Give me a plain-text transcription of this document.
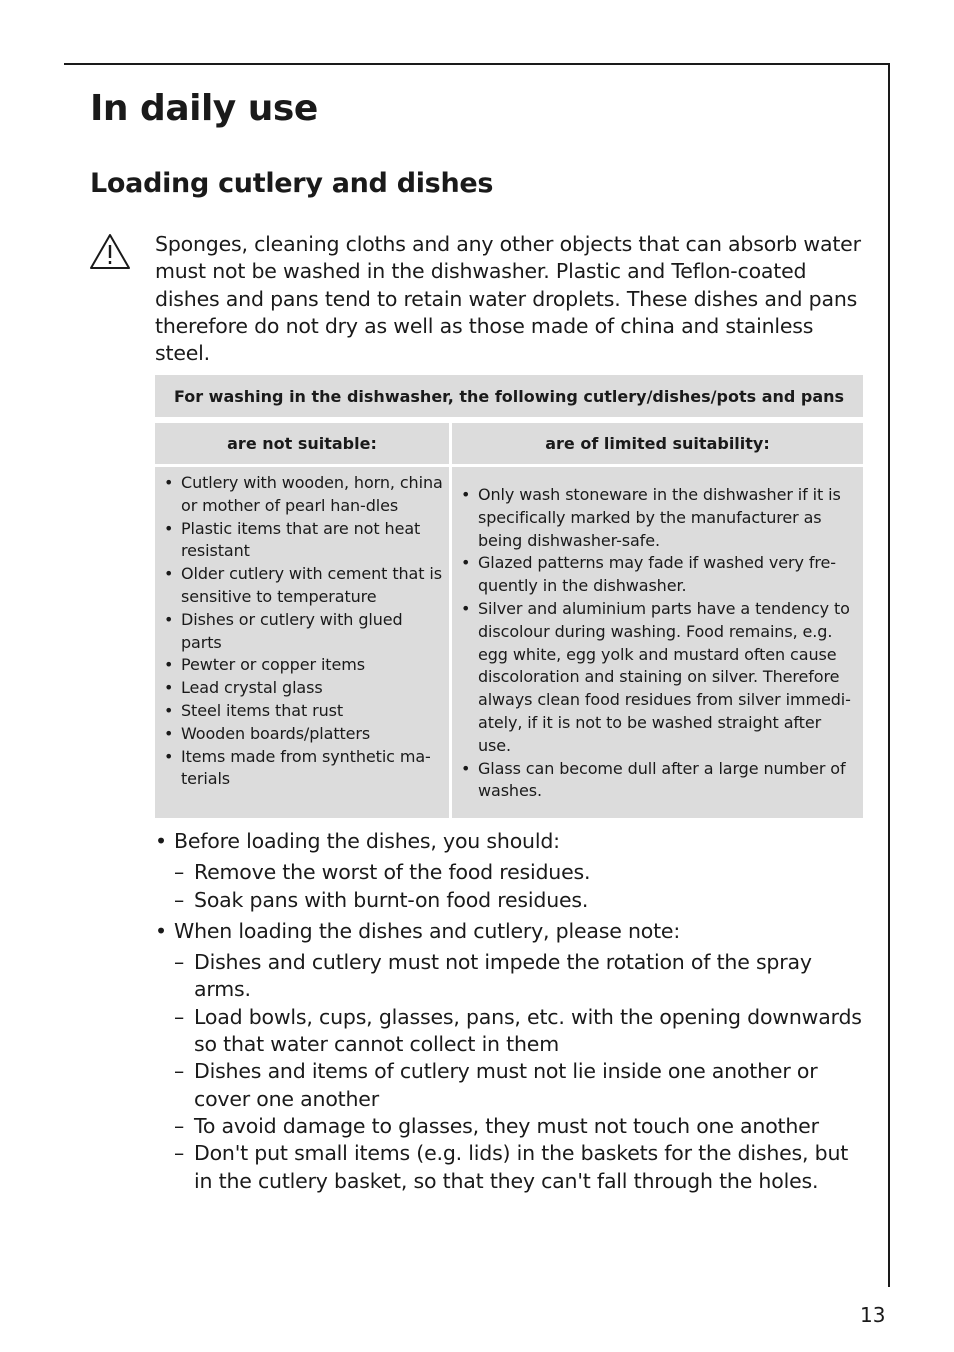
In daily use
Loading cutlery and dishes

Sponges, cleaning cloths and any other objects that can absorb water must not be washed in the dishwasher. Plastic and Teflon-coated dishes and pans tend to retain water droplets. These dishes and pans therefore do not dry as well as those made of china and stainless steel.

For washing in the dishwasher, the following cutlery/dishes/pots and pans
are not suitable:
• Cutlery with wooden, horn, china or mother of pearl han-dles
• Plastic items that are not heat resistant
• Older cutlery with cement that is sensitive to temperature
• Dishes or cutlery with glued parts
• Pewter or copper items
• Lead crystal glass
• Steel items that rust
• Wooden boards/platters
• Items made from synthetic ma-terials
are of limited suitability:
• Only wash stoneware in the dishwasher if it is specifically marked by the manufacturer as being dishwasher-safe.
• Glazed patterns may fade if washed very fre-quently in the dishwasher.
• Silver and aluminium parts have a tendency to discolour during washing. Food remains, e.g. egg white, egg yolk and mustard often cause discoloration and staining on silver. Therefore always clean food residues from silver immedi-ately, if it is not to be washed straight after use.
• Glass can become dull after a large number of washes.
• Before loading the dishes, you should:
– Remove the worst of the food residues.
– Soak pans with burnt-on food residues.
• When loading the dishes and cutlery, please note:
– Dishes and cutlery must not impede the rotation of the spray arms.
– Load bowls, cups, glasses, pans, etc. with the opening downwards so that water cannot collect in them
– Dishes and items of cutlery must not lie inside one another or cover one another
– To avoid damage to glasses, they must not touch one another
– Don't put small items (e.g. lids) in the baskets for the dishes, but in the cutlery basket, so that they can't fall through the holes.
13
